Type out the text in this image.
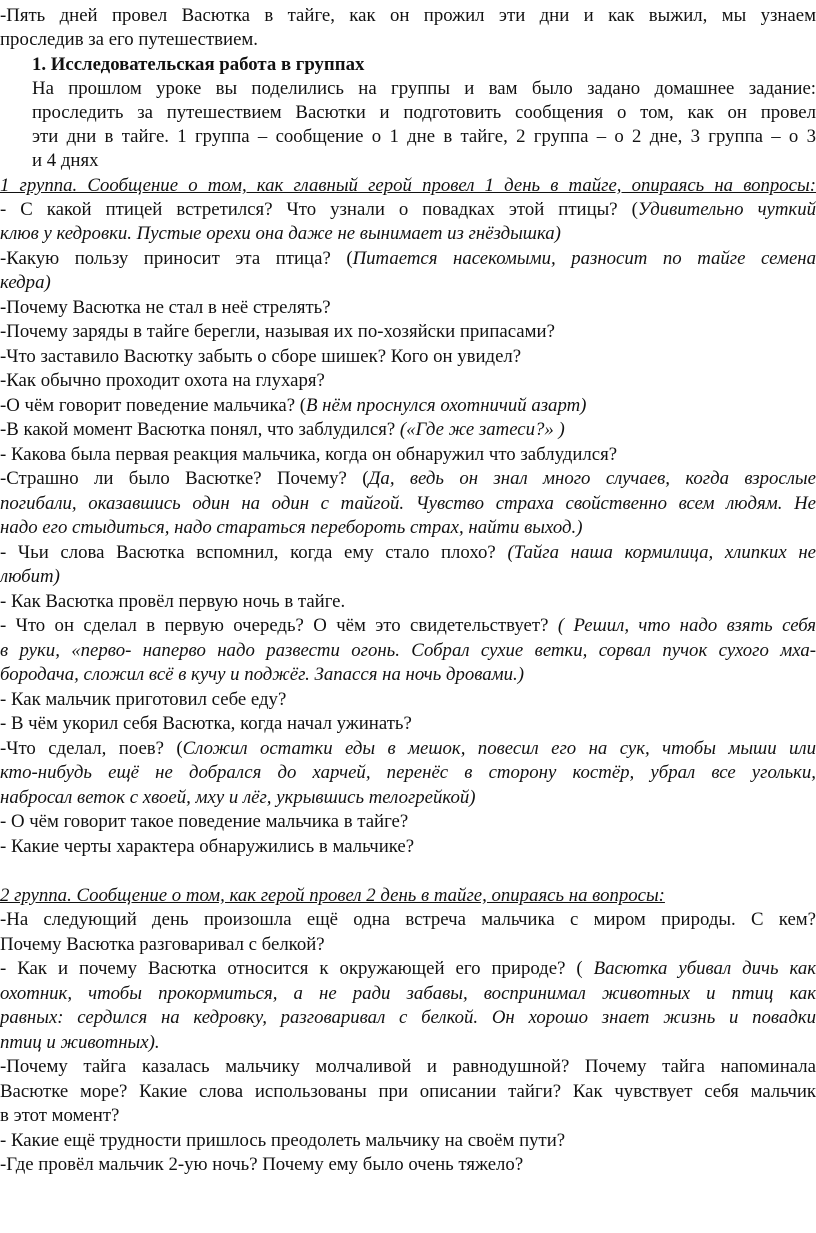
-Пять дней провел Васютка в тайге, как он прожил эти дни и как выжил, мы узнаем
проследив за его путешествием.
1. Исследовательская работа в группах
На прошлом уроке вы поделились на группы и вам было задано домашнее задание:
проследить за путешествием Васютки и подготовить сообщения о том, как он провел
эти дни в тайге. 1 группа – сообщение о 1 дне в тайге, 2 группа – о 2 дне, 3 группа – о 3
и 4 днях
1 группа. Сообщение о том, как главный герой провел 1 день в тайге, опираясь на вопросы:
- С какой птицей встретился? Что узнали о повадках этой птицы? (Удивительно чуткий
клюв у кедровки. Пустые орехи она даже не вынимает из гнёздышка)
-Какую пользу приносит эта птица? (Питается насекомыми, разносит по тайге семена
кедра)
-Почему Васютка не стал в неё стрелять?
-Почему заряды в тайге берегли, называя их по-хозяйски припасами?
-Что заставило Васютку забыть о сборе шишек? Кого он увидел?
-Как обычно проходит охота на глухаря?
-О чём говорит поведение мальчика? (В нём проснулся охотничий азарт)
-В какой момент Васютка понял, что заблудился? («Где же затеси?» )
- Какова была первая реакция мальчика, когда он обнаружил что заблудился?
-Страшно ли было Васютке? Почему? (Да, ведь он знал много случаев, когда взрослые
погибали, оказавшись один на один с тайгой. Чувство страха свойственно всем людям. Не
надо его стыдиться, надо стараться перебороть страх, найти выход.)
- Чьи слова Васютка вспомнил, когда ему стало плохо? (Тайга наша кормилица, хлипких не
любит)
- Как Васютка провёл первую ночь в тайге.
- Что он сделал в первую очередь? О чём это свидетельствует? ( Решил, что надо взять себя
в руки, «перво- наперво надо развести огонь. Собрал сухие ветки, сорвал пучок сухого мха-
бородача, сложил всё в кучу и поджёг. Запасся на ночь дровами.)
- Как мальчик приготовил себе еду?
- В чём укорил себя Васютка, когда начал ужинать?
-Что сделал, поев? (Сложил остатки еды в мешок, повесил его на сук, чтобы мыши или
кто-нибудь ещё не добрался до харчей, перенёс в сторону костёр, убрал все угольки,
набросал веток с хвоей, мху и лёг, укрывшись телогрейкой)
- О чём говорит такое поведение мальчика в тайге?
- Какие черты характера обнаружились в мальчике?
2 группа. Сообщение о том, как герой провел 2 день в тайге, опираясь на вопросы:
-На следующий день произошла ещё одна встреча мальчика с миром природы. С кем?
Почему Васютка разговаривал с белкой?
- Как и почему Васютка относится к окружающей его природе? ( Васютка убивал дичь как
охотник, чтобы прокормиться, а не ради забавы, воспринимал животных и птиц как
равных: сердился на кедровку, разговаривал с белкой. Он хорошо знает жизнь и повадки
птиц и животных).
-Почему тайга казалась мальчику молчаливой и равнодушной? Почему тайга напоминала
Васютке море? Какие слова использованы при описании тайги? Как чувствует себя мальчик
в этот момент?
- Какие ещё трудности пришлось преодолеть мальчику на своём пути?
-Где провёл мальчик 2-ую ночь? Почему ему было очень тяжело?
